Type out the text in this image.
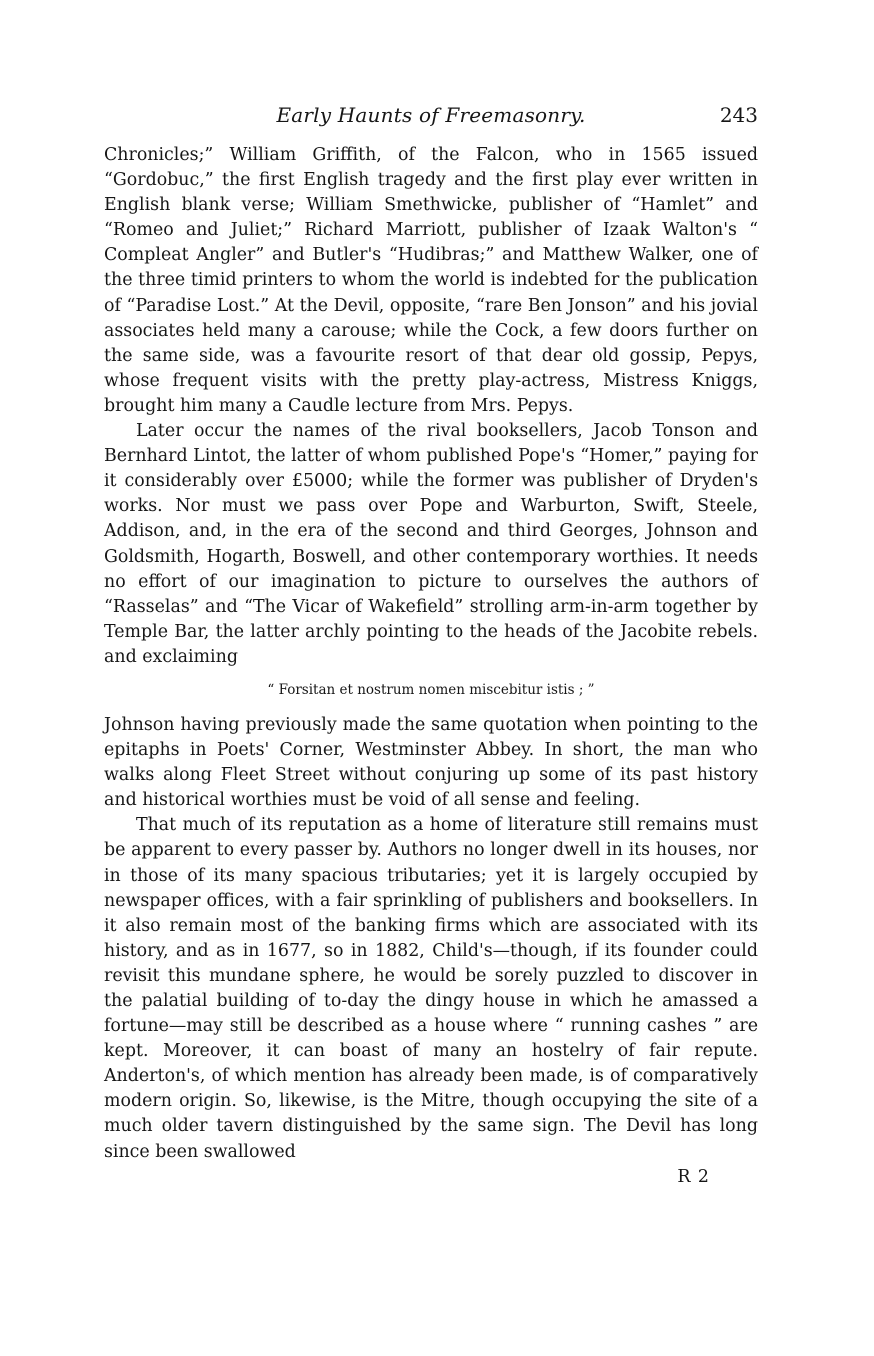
Early Haunts of Freemasonry.	243

Chronicles;” William Griffith, of the Falcon, who in 1565 issued “Gordobuc,” the first English tragedy and the first play ever written in English blank verse; William Smethwicke, publisher of “Hamlet” and “Romeo and Juliet;” Richard Marriott, publisher of Izaak Walton's “ Compleat Angler” and Butler's “Hudibras;” and Matthew Walker, one of the three timid printers to whom the world is indebted for the publication of “Paradise Lost.” At the Devil, opposite, “rare Ben Jonson” and his jovial associates held many a carouse; while the Cock, a few doors further on the same side, was a favourite resort of that dear old gossip, Pepys, whose frequent visits with the pretty play-actress, Mistress Kniggs, brought him many a Caudle lecture from Mrs. Pepys.

Later occur the names of the rival booksellers, Jacob Tonson and Bernhard Lintot, the latter of whom published Pope's “Homer,” paying for it considerably over £5000; while the former was publisher of Dryden's works. Nor must we pass over Pope and Warburton, Swift, Steele, Addison, and, in the era of the second and third Georges, Johnson and Goldsmith, Hogarth, Boswell, and other contemporary worthies. It needs no effort of our imagination to picture to ourselves the authors of “Rasselas” and “The Vicar of Wakefield” strolling arm-in-arm together by Temple Bar, the latter archly pointing to the heads of the Jacobite rebels. and exclaiming

“ Forsitan et nostrum nomen miscebitur istis ; ”

Johnson having previously made the same quotation when pointing to the epitaphs in Poets' Corner, Westminster Abbey. In short, the man who walks along Fleet Street without conjuring up some of its past history and historical worthies must be void of all sense and feeling.

That much of its reputation as a home of literature still remains must be apparent to every passer by. Authors no longer dwell in its houses, nor in those of its many spacious tributaries; yet it is largely occupied by newspaper offices, with a fair sprinkling of publishers and booksellers. In it also remain most of the banking firms which are associated with its history, and as in 1677, so in 1882, Child's—though, if its founder could revisit this mundane sphere, he would be sorely puzzled to discover in the palatial building of to-day the dingy house in which he amassed a fortune—may still be described as a house where “ running cashes ” are kept. Moreover, it can boast of many an hostelry of fair repute. Anderton's, of which mention has already been made, is of comparatively modern origin. So, likewise, is the Mitre, though occupying the site of a much older tavern distinguished by the same sign. The Devil has long since been swallowed

R 2
